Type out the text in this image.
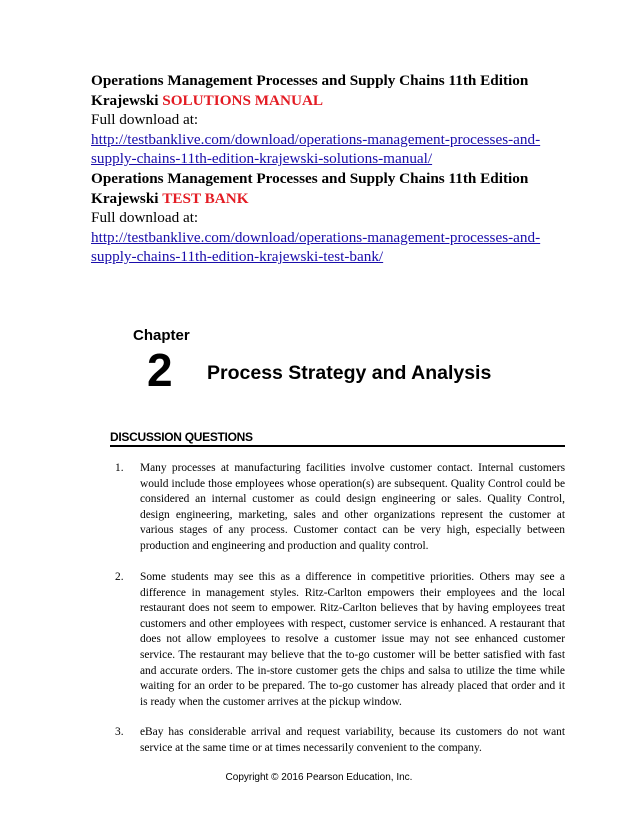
Operations Management Processes and Supply Chains 11th Edition
Krajewski SOLUTIONS MANUAL
Full download at:
http://testbanklive.com/download/operations-management-processes-and-
supply-chains-11th-edition-krajewski-solutions-manual/
Operations Management Processes and Supply Chains 11th Edition
Krajewski TEST BANK
Full download at:
http://testbanklive.com/download/operations-management-processes-and-
supply-chains-11th-edition-krajewski-test-bank/
Chapter
2 Process Strategy and Analysis
DISCUSSION QUESTIONS
1. Many processes at manufacturing facilities involve customer contact. Internal customers would include those employees whose operation(s) are subsequent. Quality Control could be considered an internal customer as could design engineering or sales. Quality Control, design engineering, marketing, sales and other organizations represent the customer at various stages of any process. Customer contact can be very high, especially between production and engineering and production and quality control.
2. Some students may see this as a difference in competitive priorities. Others may see a difference in management styles. Ritz-Carlton empowers their employees and the local restaurant does not seem to empower. Ritz-Carlton believes that by having employees treat customers and other employees with respect, customer service is enhanced. A restaurant that does not allow employees to resolve a customer issue may not see enhanced customer service. The restaurant may believe that the to-go customer will be better satisfied with fast and accurate orders. The in-store customer gets the chips and salsa to utilize the time while waiting for an order to be prepared. The to-go customer has already placed that order and it is ready when the customer arrives at the pickup window.
3. eBay has considerable arrival and request variability, because its customers do not want service at the same time or at times necessarily convenient to the company.
Copyright © 2016 Pearson Education, Inc.
